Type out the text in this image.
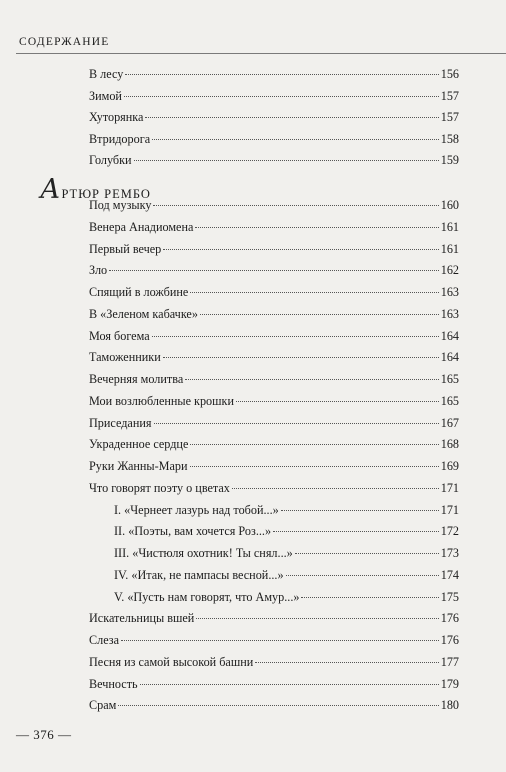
СОДЕРЖАНИЕ
В лесу	156
Зимой	157
Хуторянка	157
Втридорога	158
Голубки	159
Под музыку	160
Венера Анадиомена	161
Первый вечер	161
Зло	162
Спящий в ложбине	163
В «Зеленом кабачке»	163
Моя богема	164
Таможенники	164
Вечерняя молитва	165
Мои возлюбленные крошки	165
Приседания	167
Украденное сердце	168
Руки Жанны-Мари	169
Что говорят поэту о цветах	171
I. «Чернеет лазурь над тобой...»	171
II. «Поэты, вам хочется Роз...»	172
III. «Чистюля охотник! Ты снял...»	173
IV. «Итак, не пампасы весной...»	174
V. «Пусть нам говорят, что Амур...»	175
Искательницы вшей	176
Слеза	176
Песня из самой высокой башни	177
Вечность	179
Срам	180
А РТЮР РЕМБО
— 376 —
